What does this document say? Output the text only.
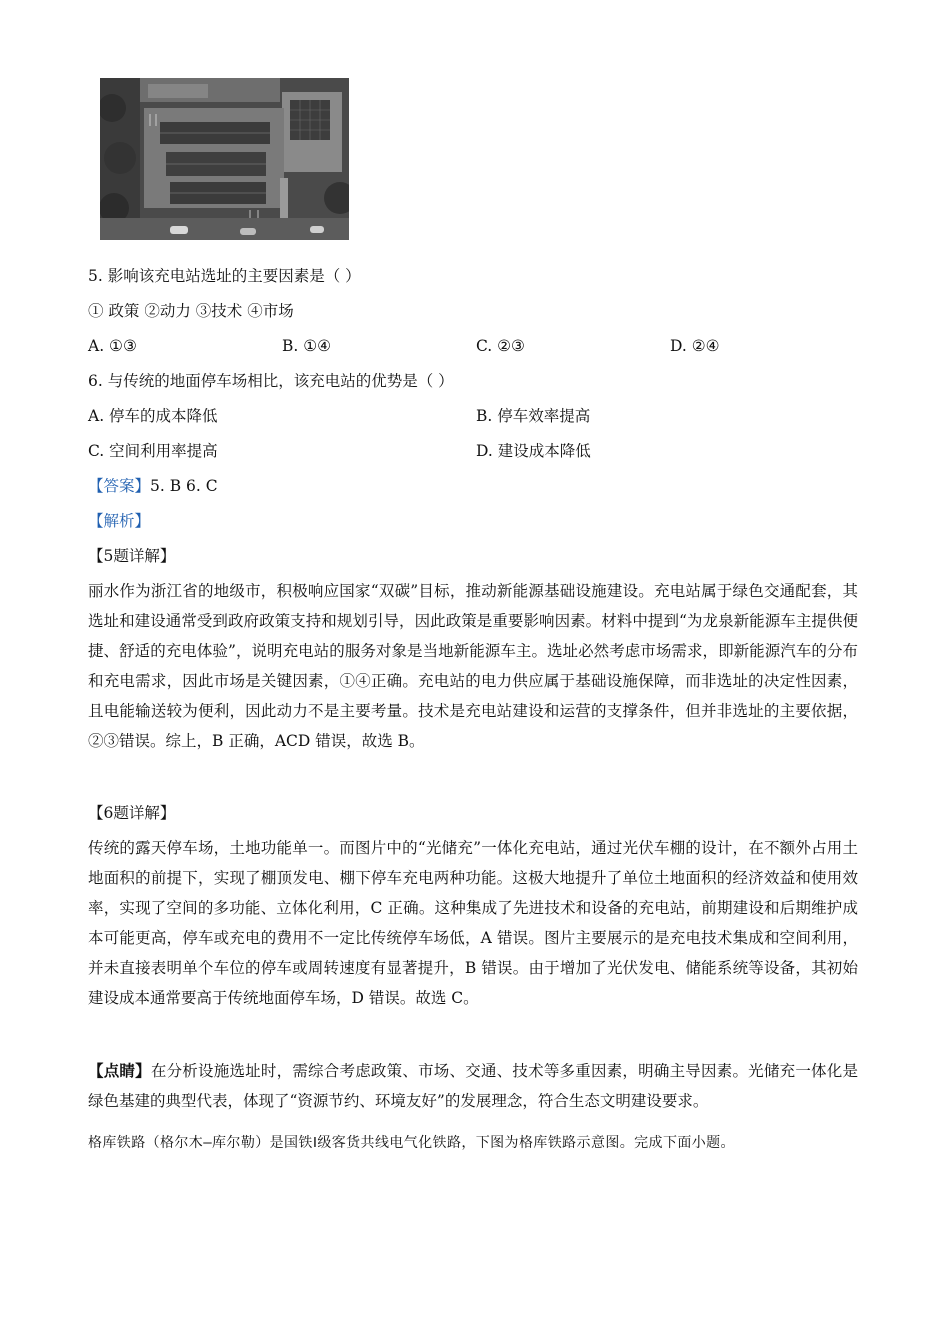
5. 影响该充电站选址的主要因素是（ ）
① 政策 ②动力 ③技术 ④市场
A. ①③	B. ①④	C. ②③	D. ②④
6. 与传统的地面停车场相比，该充电站的优势是（ ）
A. 停车的成本降低	B. 停车效率提高
C. 空间利用率提高	D. 建设成本降低
【答案】5. B 6. C
【解析】
【5题详解】
丽水作为浙江省的地级市，积极响应国家“双碳”目标，推动新能源基础设施建设。充电站属于绿色交通配套，其选址和建设通常受到政府政策支持和规划引导，因此政策是重要影响因素。材料中提到“为龙泉新能源车主提供便捷、舒适的充电体验”，说明充电站的服务对象是当地新能源车主。选址必然考虑市场需求，即新能源汽车的分布和充电需求，因此市场是关键因素，①④正确。充电站的电力供应属于基础设施保障，而非选址的决定性因素，且电能输送较为便利，因此动力不是主要考量。技术是充电站建设和运营的支撑条件，但并非选址的主要依据，②③错误。综上，B 正确，ACD 错误，故选 B。
【6题详解】
传统的露天停车场，土地功能单一。而图片中的“光储充”一体化充电站，通过光伏车棚的设计，在不额外占用土地面积的前提下，实现了棚顶发电、棚下停车充电两种功能。这极大地提升了单位土地面积的经济效益和使用效率，实现了空间的多功能、立体化利用，C 正确。这种集成了先进技术和设备的充电站，前期建设和后期维护成本可能更高，停车或充电的费用不一定比传统停车场低，A 错误。图片主要展示的是充电技术集成和空间利用，并未直接表明单个车位的停车或周转速度有显著提升，B 错误。由于增加了光伏发电、储能系统等设备，其初始建设成本通常要高于传统地面停车场，D 错误。故选 C。
【点睛】在分析设施选址时，需综合考虑政策、市场、交通、技术等多重因素，明确主导因素。光储充一体化是绿色基建的典型代表，体现了“资源节约、环境友好”的发展理念，符合生态文明建设要求。
格库铁路（格尔木—库尔勒）是国铁Ⅰ级客货共线电气化铁路，下图为格库铁路示意图。完成下面小题。
